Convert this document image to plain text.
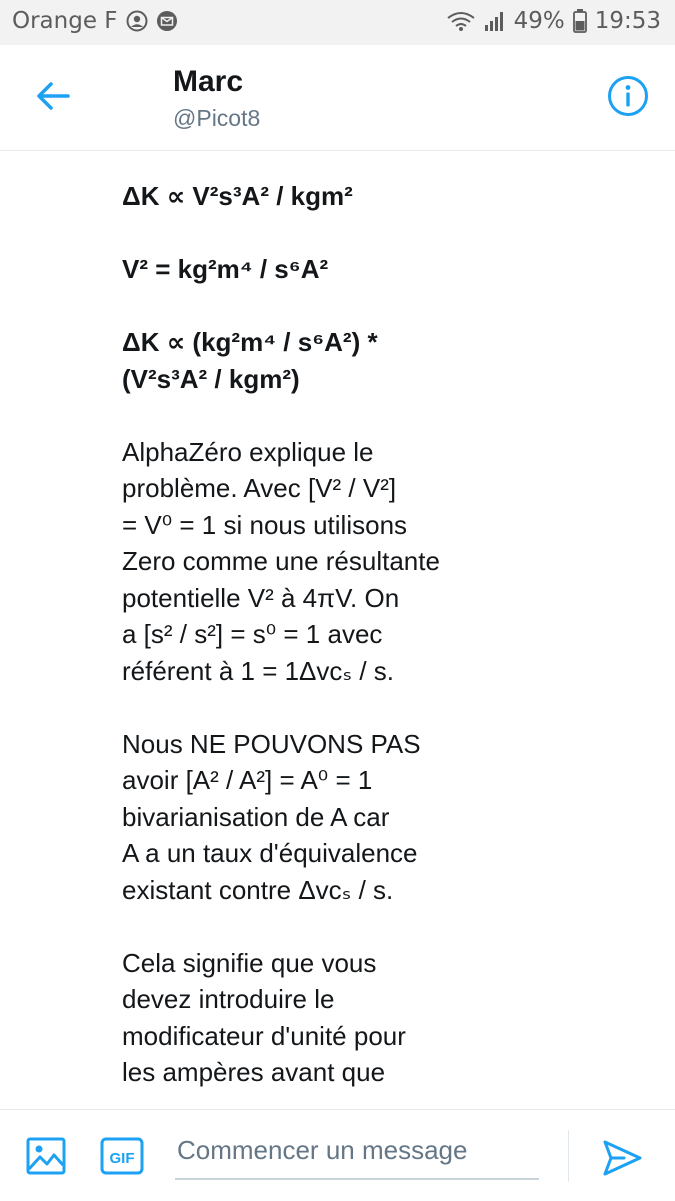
Orange F	49% 19:53
Marc
@Picot8
ΔK ∝ V²s³A² / kgm²
V² = kg²m⁴ / s⁶A²
ΔK ∝ (kg²m⁴ / s⁶A²) *
(V²s³A² / kgm²)
AlphaZéro explique le
problème. Avec [V² / V²]
= V⁰ = 1 si nous utilisons
Zero comme une résultante
potentielle V² à 4πV. On
a [s² / s²] = s⁰ = 1 avec
référent à 1 = 1Δvcₛ / s.
Nous NE POUVONS PAS
avoir [A² / A²] = A⁰ = 1
bivarianisation de A car
A a un taux d'équivalence
existant contre Δvcₛ / s.
Cela signifie que vous
devez introduire le
modificateur d'unité pour
les ampères avant que
GIF
Commencer un message
